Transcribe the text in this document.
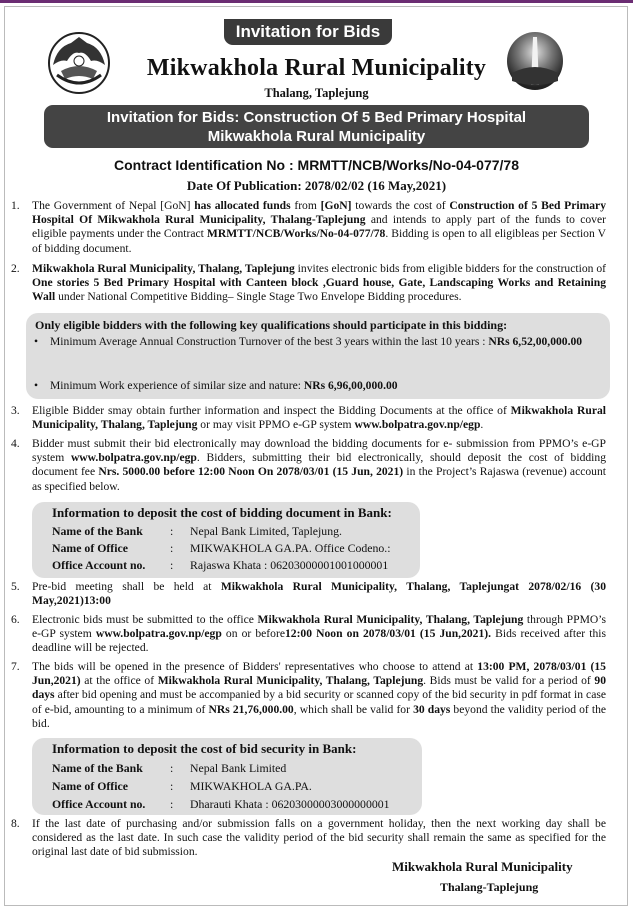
Invitation for Bids
Mikwakhola Rural Municipality
Thalang, Taplejung
Invitation for Bids: Construction Of 5 Bed Primary Hospital
Mikwakhola Rural Municipality
Contract Identification No : MRMTT/NCB/Works/No-04-077/78
Date Of Publication: 2078/02/02 (16 May,2021)
1. The Government of Nepal [GoN] has allocated funds from [GoN] towards the cost of Construction of 5 Bed Primary Hospital Of Mikwakhola Rural Municipality, Thalang-Taplejung and intends to apply part of the funds to cover eligible payments under the Contract MRMTT/NCB/Works/No-04-077/78. Bidding is open to all eligibleas per Section V of bidding document.
2. Mikwakhola Rural Municipality, Thalang, Taplejung invites electronic bids from eligible bidders for the construction of One stories 5 Bed Primary Hospital with Canteen block ,Guard house, Gate, Landscaping Works and Retaining Wall under National Competitive Bidding– Single Stage Two Envelope Bidding procedures.
Only eligible bidders with the following key qualifications should participate in this bidding:
• Minimum Average Annual Construction Turnover of the best 3 years within the last 10 years : NRs 6,52,00,000.00
• Minimum Work experience of similar size and nature: NRs 6,96,00,000.00
3. Eligible Bidder smay obtain further information and inspect the Bidding Documents at the office of Mikwakhola Rural Municipality, Thalang, Taplejung or may visit PPMO e-GP system www.bolpatra.gov.np/egp.
4. Bidder must submit their bid electronically may download the bidding documents for e- submission from PPMO’s e-GP system www.bolpatra.gov.np/egp. Bidders, submitting their bid electronically, should deposit the cost of bidding document fee Nrs. 5000.00 before 12:00 Noon On 2078/03/01 (15 Jun, 2021) in the Project’s Rajaswa (revenue) account as specified below.
Information to deposit the cost of bidding document in Bank:
Name of the Bank : Nepal Bank Limited, Taplejung.
Name of Office	: MIKWAKHOLA GA.PA. Office Codeno.:
Office Account no. : Rajaswa Khata : 06203000001001000001
5. Pre-bid meeting shall be held at Mikwakhola Rural Municipality, Thalang, Taplejungat 2078/02/16 (30 May,2021)13:00
6. Electronic bids must be submitted to the office Mikwakhola Rural Municipality, Thalang, Taplejung through PPMO’s e-GP system www.bolpatra.gov.np/egp on or before12:00 Noon on 2078/03/01 (15 Jun,2021). Bids received after this deadline will be rejected.
7. The bids will be opened in the presence of Bidders' representatives who choose to attend at 13:00 PM, 2078/03/01 (15 Jun,2021) at the office of Mikwakhola Rural Municipality, Thalang, Taplejung. Bids must be valid for a period of 90 days after bid opening and must be accompanied by a bid security or scanned copy of the bid security in pdf format in case of e-bid, amounting to a minimum of NRs 21,76,000.00, which shall be valid for 30 days beyond the validity period of the bid.
Information to deposit the cost of bid security in Bank:
Name of the Bank : Nepal Bank Limited
Name of Office	: MIKWAKHOLA GA.PA.
Office Account no. : Dharauti Khata : 06203000003000000001
8. If the last date of purchasing and/or submission falls on a government holiday, then the next working day shall be considered as the last date. In such case the validity period of the bid security shall remain the same as specified for the original last date of bid submission.
Mikwakhola Rural Municipality
Thalang-Taplejung
